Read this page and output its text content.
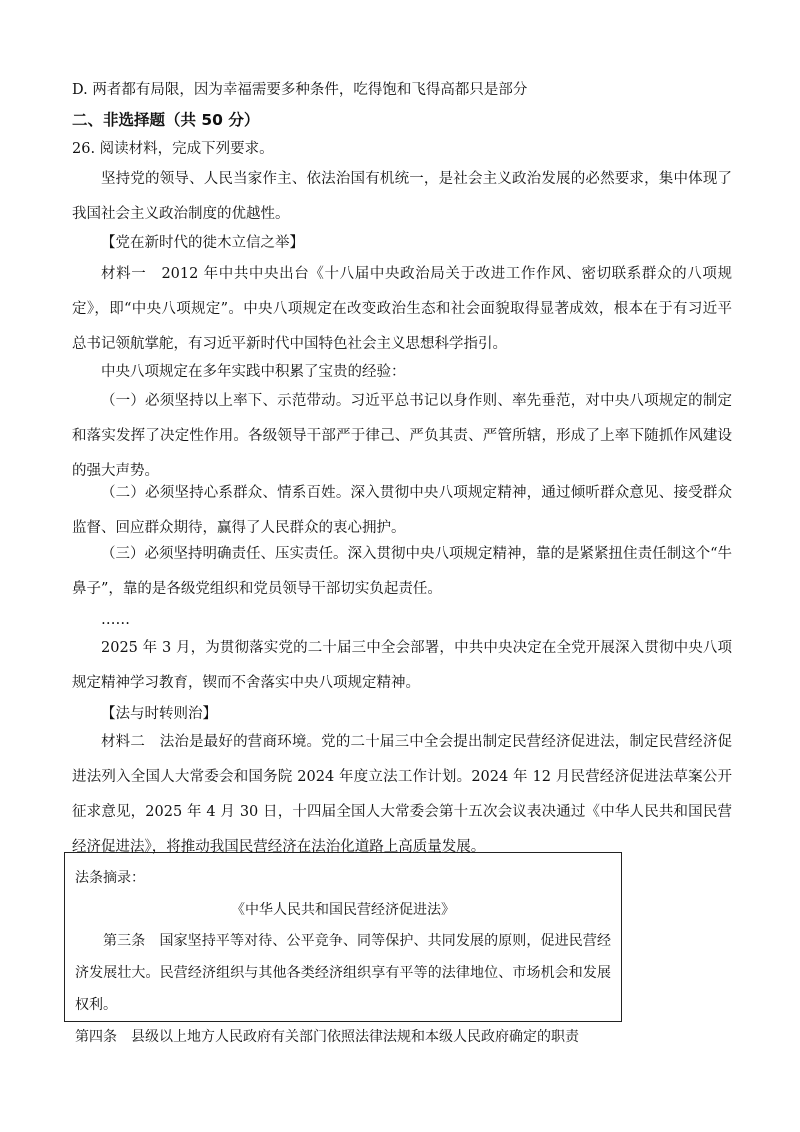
D. 两者都有局限，因为幸福需要多种条件，吃得饱和飞得高都只是部分
二、非选择题（共 50 分）
26. 阅读材料，完成下列要求。
坚持党的领导、人民当家作主、依法治国有机统一，是社会主义政治发展的必然要求，集中体现了我国社会主义政治制度的优越性。
【党在新时代的徙木立信之举】
材料一　2012 年中共中央出台《十八届中央政治局关于改进工作作风、密切联系群众的八项规定》，即“中央八项规定”。中央八项规定在改变政治生态和社会面貌取得显著成效，根本在于有习近平总书记领航掌舵，有习近平新时代中国特色社会主义思想科学指引。
中央八项规定在多年实践中积累了宝贵的经验：
（一）必须坚持以上率下、示范带动。习近平总书记以身作则、率先垂范，对中央八项规定的制定和落实发挥了决定性作用。各级领导干部严于律己、严负其责、严管所辖，形成了上率下随抓作风建设的强大声势。
（二）必须坚持心系群众、情系百姓。深入贯彻中央八项规定精神，通过倾听群众意见、接受群众监督、回应群众期待，赢得了人民群众的衷心拥护。
（三）必须坚持明确责任、压实责任。深入贯彻中央八项规定精神，靠的是紧紧扭住责任制这个“牛鼻子”，靠的是各级党组织和党员领导干部切实负起责任。
……
2025 年 3 月，为贯彻落实党的二十届三中全会部署，中共中央决定在全党开展深入贯彻中央八项规定精神学习教育，锲而不舍落实中央八项规定精神。
【法与时转则治】
材料二　法治是最好的营商环境。党的二十届三中全会提出制定民营经济促进法，制定民营经济促进法列入全国人大常委会和国务院 2024 年度立法工作计划。2024 年 12 月民营经济促进法草案公开征求意见，2025 年 4 月 30 日，十四届全国人大常委会第十五次会议表决通过《中华人民共和国民营经济促进法》，将推动我国民营经济在法治化道路上高质量发展。
法条摘录：
《中华人民共和国民营经济促进法》
第三条　国家坚持平等对待、公平竞争、同等保护、共同发展的原则，促进民营经济发展壮大。民营经济组织与其他各类经济组织享有平等的法律地位、市场机会和发展权利。
第四条　县级以上地方人民政府有关部门依照法律法规和本级人民政府确定的职责
